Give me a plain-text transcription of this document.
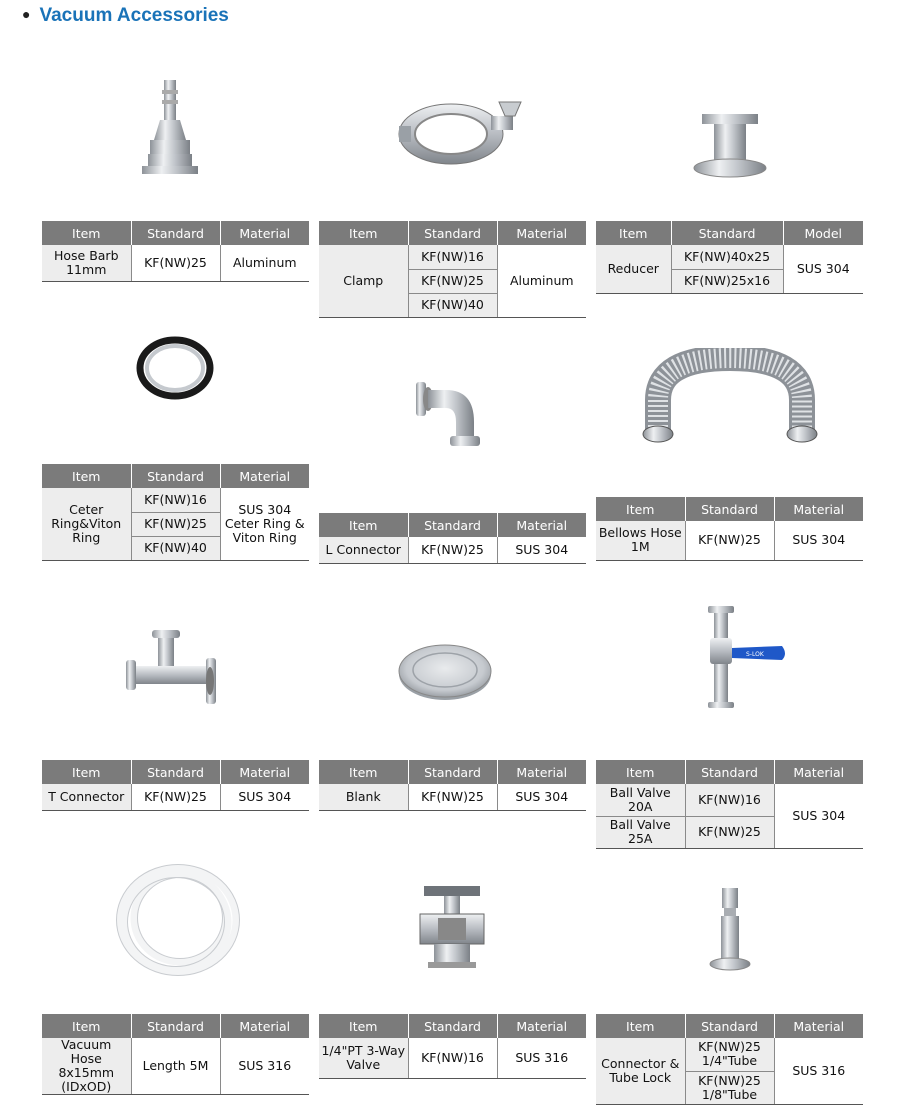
● Vacuum Accessories
Item	Standard	Material
Hose Barb 11mm	KF(NW)25	Aluminum
Item	Standard	Material
Clamp	KF(NW)16	Aluminum
	KF(NW)25	
	KF(NW)40	
Item	Standard	Model
Reducer	KF(NW)40x25	SUS 304
	KF(NW)25x16	
Item	Standard	Material
Ceter Ring&Viton Ring	KF(NW)16	SUS 304 Ceter Ring & Viton Ring
	KF(NW)25	
	KF(NW)40	
Item	Standard	Material
L Connector	KF(NW)25	SUS 304
Item	Standard	Material
Bellows Hose 1M	KF(NW)25	SUS 304
S-LOK
Item	Standard	Material
T Connector	KF(NW)25	SUS 304
Item	Standard	Material
Blank	KF(NW)25	SUS 304
Item	Standard	Material
Ball Valve 20A	KF(NW)16	SUS 304
Ball Valve 25A	KF(NW)25	
Item	Standard	Material
Vacuum Hose 8x15mm (IDxOD)	Length 5M	SUS 316
Item	Standard	Material
1/4"PT 3-Way Valve	KF(NW)16	SUS 316
Item	Standard	Material
Connector & Tube Lock	KF(NW)25 1/4"Tube	SUS 316
	KF(NW)25 1/8"Tube	
